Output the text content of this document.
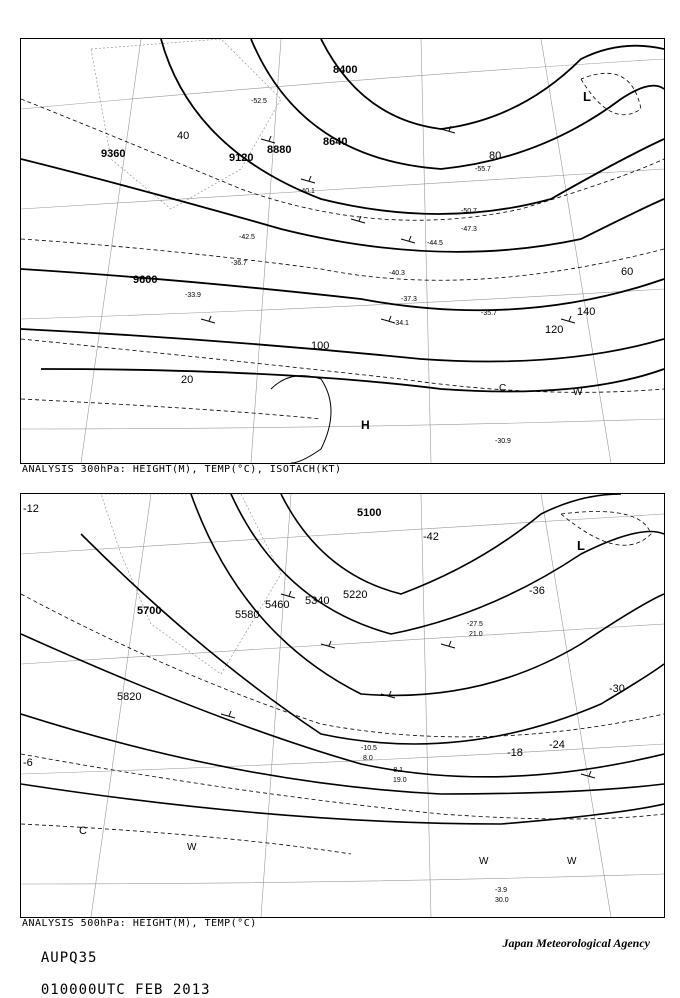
8400
8640
8880
9120
9360
9600
20
40
60
80
100
120
140
-30.9
-33.9
-34.1
-35.7
-36.7
-37.3
-40.1
-40.3
-42.5
-44.5
-47.3
-50.7
-52.5
-55.7
H
L
C	W
ANALYSIS 300hPa: HEIGHT(M), TEMP(°C), ISOTACH(KT)
5100
5220
5340
5460
5580
5700
5820
-6
-12
-18
-24
-30
-36
-42
-3.9
30.0
-8.1
19.0
-10.5
8.0
-27.5
21.0
L
C
W
W	W
ANALYSIS 500hPa: HEIGHT(M), TEMP(°C)

AUPQ35

010000UTC FEB 2013

Japan Meteorological Agency
